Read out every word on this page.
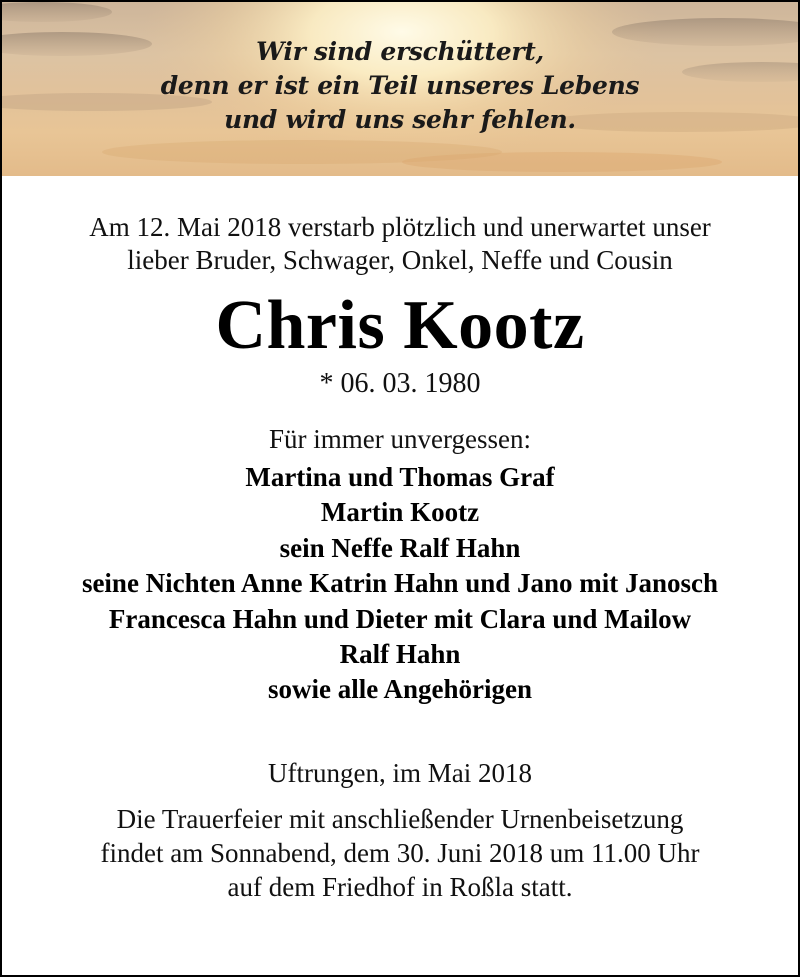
Wir sind erschüttert,
denn er ist ein Teil unseres Lebens
und wird uns sehr fehlen.
Am 12. Mai 2018 verstarb plötzlich und unerwartet unser
lieber Bruder, Schwager, Onkel, Neffe und Cousin
Chris Kootz
* 06. 03. 1980
Für immer unvergessen:
Martina und Thomas Graf
Martin Kootz
sein Neffe Ralf Hahn
seine Nichten Anne Katrin Hahn und Jano mit Janosch
Francesca Hahn und Dieter mit Clara und Mailow
Ralf Hahn
sowie alle Angehörigen
Uftrungen, im Mai 2018
Die Trauerfeier mit anschließender Urnenbeisetzung
findet am Sonnabend, dem 30. Juni 2018 um 11.00 Uhr
auf dem Friedhof in Roßla statt.
